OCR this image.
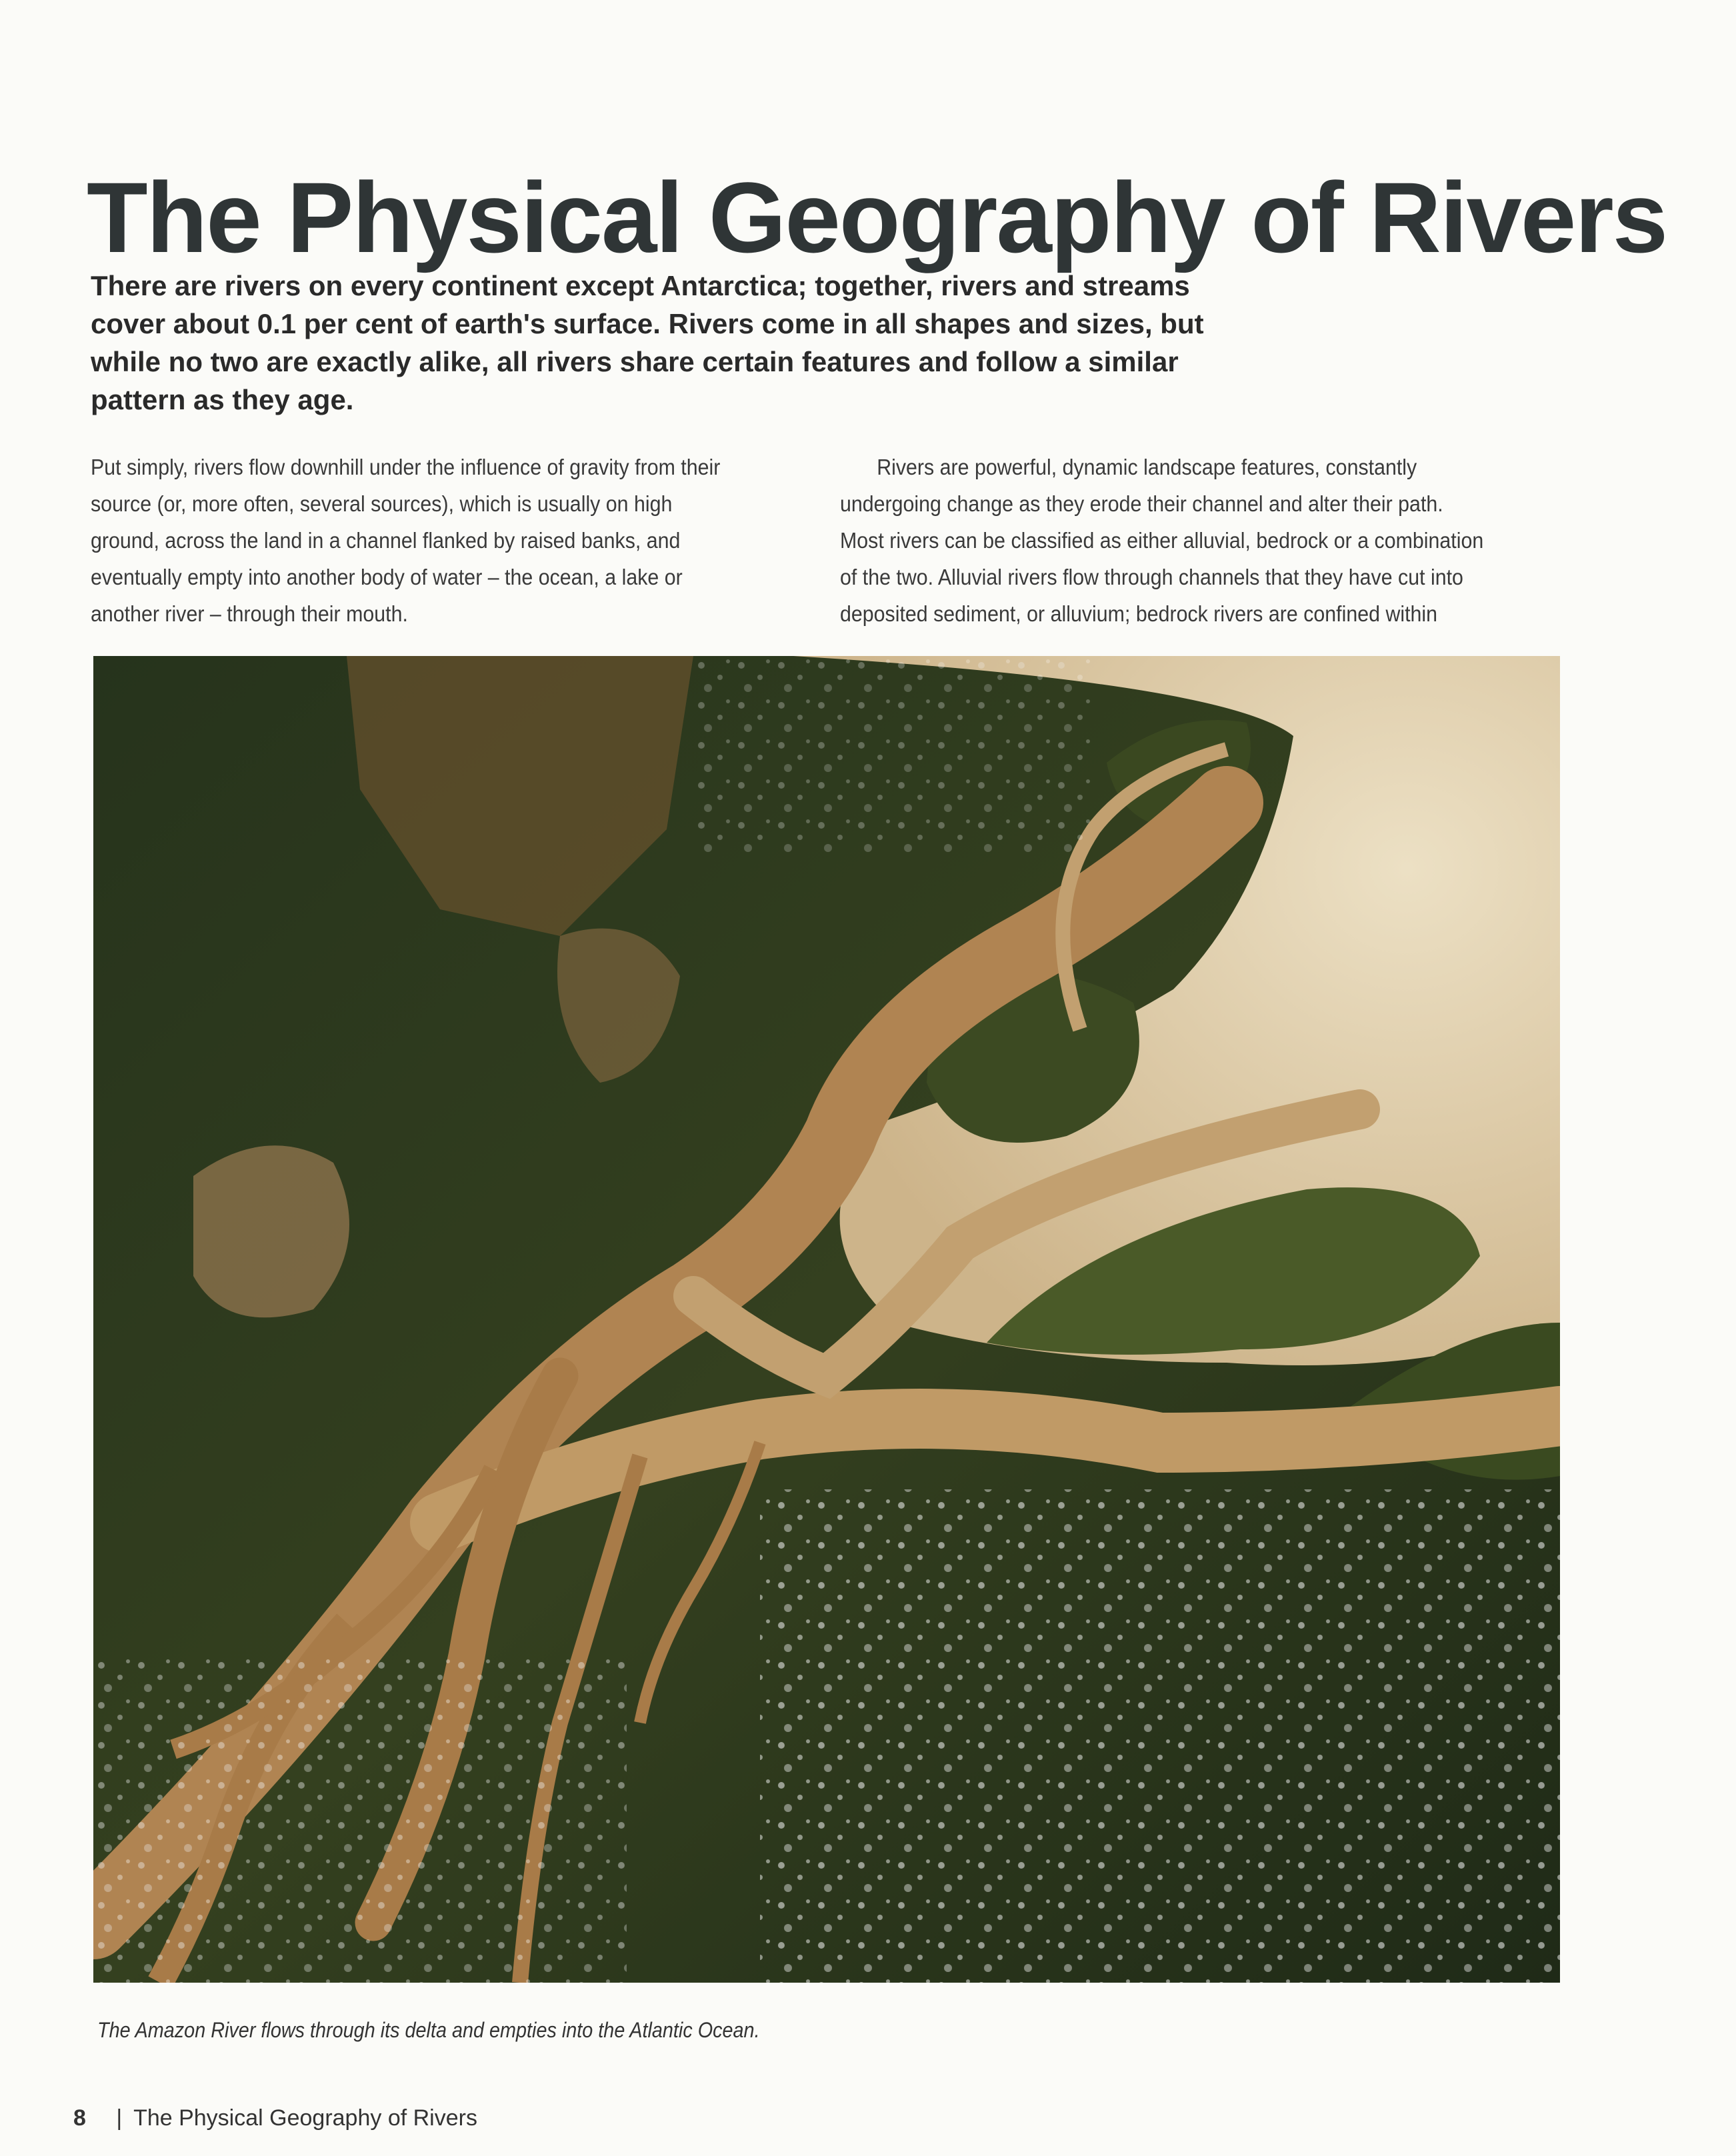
The Physical Geography of Rivers

There are rivers on every continent except Antarctica; together, rivers and streams cover about 0.1 per cent of earth's surface. Rivers come in all shapes and sizes, but while no two are exactly alike, all rivers share certain features and follow a similar pattern as they age.

Put simply, rivers flow downhill under the influence of gravity from their source (or, more often, several sources), which is usually on high ground, across the land in a channel flanked by raised banks, and eventually empty into another body of water – the ocean, a lake or another river – through their mouth.

Rivers are powerful, dynamic landscape features, constantly undergoing change as they erode their channel and alter their path. Most rivers can be classified as either alluvial, bedrock or a combination of the two. Alluvial rivers flow through channels that they have cut into deposited sediment, or alluvium; bedrock rivers are confined within

The Amazon River flows through its delta and empties into the Atlantic Ocean.

8 | The Physical Geography of Rivers
